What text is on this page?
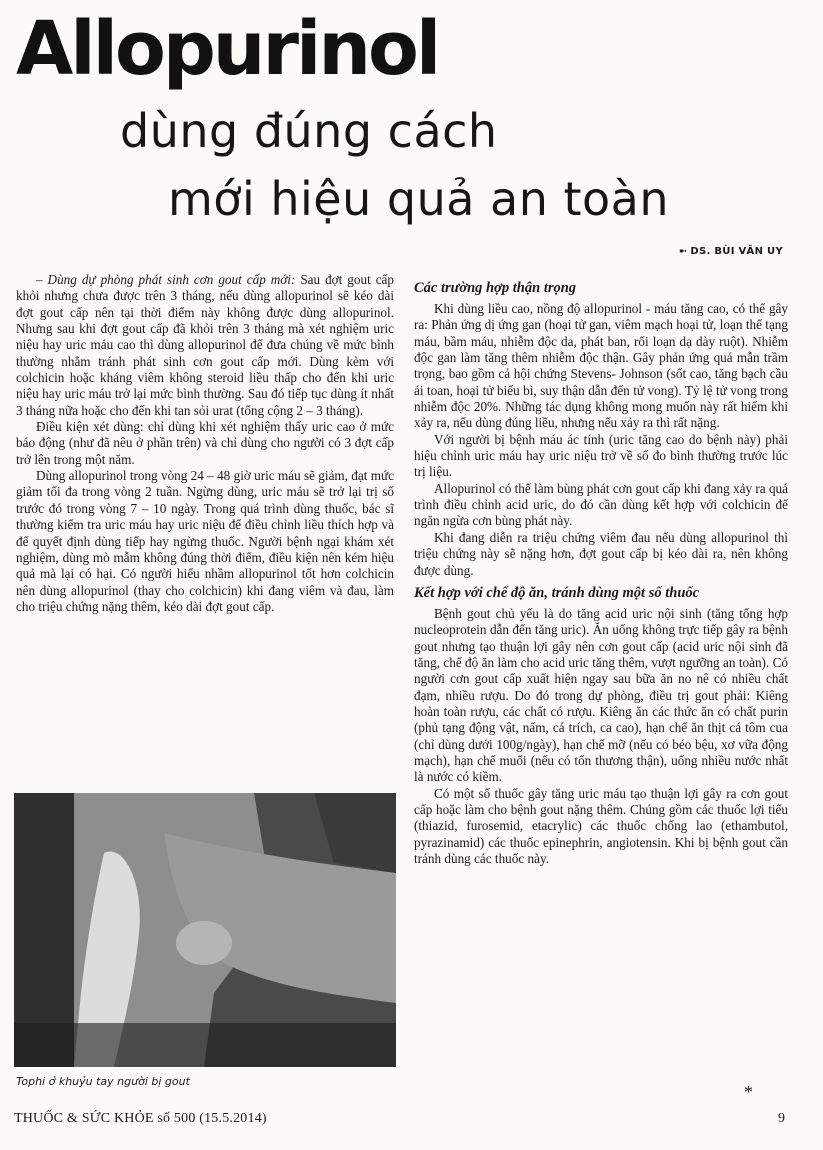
Allopurinol
dùng đúng cách
mới hiệu quả an toàn
➼ DS. BÙI VĂN UY

– Dùng dự phòng phát sinh cơn gout cấp mới: Sau đợt gout cấp khỏi nhưng chưa được trên 3 tháng, nếu dùng allopurinol sẽ kéo dài đợt gout cấp nên tại thời điểm này không được dùng allopurinol. Nhưng sau khi đợt gout cấp đã khỏi trên 3 tháng mà xét nghiệm uric niệu hay uric máu cao thì dùng allopurinol để đưa chúng về mức bình thường nhằm tránh phát sinh cơn gout cấp mới. Dùng kèm với colchicin hoặc kháng viêm không steroid liều thấp cho đến khi uric niệu hay uric máu trở lại mức bình thường. Sau đó tiếp tục dùng ít nhất 3 tháng nữa hoặc cho đến khi tan sỏi urat (tổng cộng 2 – 3 tháng).

Điều kiện xét dùng: chỉ dùng khi xét nghiệm thấy uric cao ở mức báo động (như đã nêu ở phần trên) và chỉ dùng cho người có 3 đợt cấp trở lên trong một năm.

Dùng allopurinol trong vòng 24 – 48 giờ uric máu sẽ giảm, đạt mức giảm tối đa trong vòng 2 tuần. Ngừng dùng, uric máu sẽ trở lại trị số trước đó trong vòng 7 – 10 ngày. Trong quá trình dùng thuốc, bác sĩ thường kiểm tra uric máu hay uric niệu để điều chỉnh liều thích hợp và để quyết định dùng tiếp hay ngừng thuốc. Người bệnh ngại khám xét nghiệm, dùng mò mẫm không đúng thời điểm, điều kiện nên kém hiệu quả mà lại có hại. Có người hiểu nhầm allopurinol tốt hơn colchicin nên dùng allopurinol (thay cho colchicin) khi đang viêm và đau, làm cho triệu chứng nặng thêm, kéo dài đợt gout cấp.

Tophi ở khuỷu tay người bị gout
Các trường hợp thận trọng

Khi dùng liều cao, nồng độ allopurinol - máu tăng cao, có thể gây ra: Phản ứng dị ứng gan (hoại tử gan, viêm mạch hoại tử, loạn thể tạng máu, bầm máu, nhiễm độc da, phát ban, rối loạn dạ dày ruột). Nhiễm độc gan làm tăng thêm nhiễm độc thận. Gây phản ứng quá mẫn trầm trọng, bao gồm cả hội chứng Stevens- Johnson (sốt cao, tăng bạch cầu ái toan, hoại tử biểu bì, suy thận dẫn đến tử vong). Tỷ lệ tử vong trong nhiễm độc 20%. Những tác dụng không mong muốn này rất hiếm khi xảy ra, nếu dùng đúng liều, nhưng nếu xảy ra thì rất nặng.

Với người bị bệnh máu ác tính (uric tăng cao do bệnh này) phải hiệu chỉnh uric máu hay uric niệu trở về số đo bình thường trước lúc trị liệu.

Allopurinol có thể làm bùng phát cơn gout cấp khi đang xảy ra quá trình điều chỉnh acid uric, do đó cần dùng kết hợp với colchicin để ngăn ngừa cơn bùng phát này.

Khi đang diễn ra triệu chứng viêm đau nếu dùng allopurinol thì triệu chứng này sẽ nặng hơn, đợt gout cấp bị kéo dài ra, nên không được dùng.

Kết hợp với chế độ ăn, tránh dùng một số thuốc

Bệnh gout chủ yếu là do tăng acid uric nội sinh (tăng tổng hợp nucleoprotein dẫn đến tăng uric). Ăn uống không trực tiếp gây ra bệnh gout nhưng tạo thuận lợi gây nên cơn gout cấp (acid uric nội sinh đã tăng, chế độ ăn làm cho acid uric tăng thêm, vượt ngưỡng an toàn). Có người cơn gout cấp xuất hiện ngay sau bữa ăn no nê có nhiều chất đạm, nhiều rượu. Do đó trong dự phòng, điều trị gout phải: Kiêng hoàn toàn rượu, các chất có rượu. Kiêng ăn các thức ăn có chất purin (phủ tạng động vật, nấm, cá trích, ca cao), hạn chế ăn thịt cá tôm cua (chỉ dùng dưới 100g/ngày), hạn chế mỡ (nếu có béo bệu, xơ vữa động mạch), hạn chế muối (nếu có tổn thương thận), uống nhiều nước nhất là nước có kiềm.

Có một số thuốc gây tăng uric máu tạo thuận lợi gây ra cơn gout cấp hoặc làm cho bệnh gout nặng thêm. Chúng gồm các thuốc lợi tiểu (thiazid, furosemid, etacrylic) các thuốc chống lao (ethambutol, pyrazinamid) các thuốc epinephrin, angiotensin. Khi bị bệnh gout cần tránh dùng các thuốc này.

*
THUỐC & SỨC KHỎE số 500 (15.5.2014)	9
